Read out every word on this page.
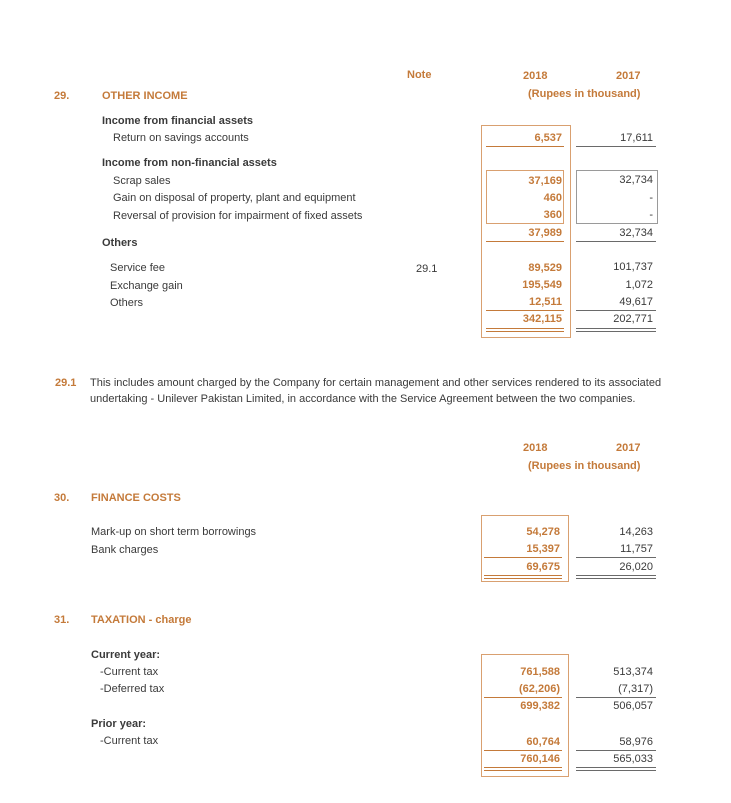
Note	2018	2017
(Rupees in thousand)
29.	OTHER INCOME
Income from financial assets
Return on savings accounts	6,537	17,611
Income from non-financial assets
Scrap sales	37,169	32,734
Gain on disposal of property, plant and equipment	460	-
Reversal of provision for impairment of fixed assets	360	-
37,989	32,734
Others
Service fee	29.1	89,529	101,737
Exchange gain	195,549	1,072
Others	12,511	49,617
342,115	202,771
29.1 This includes amount charged by the Company for certain management and other services rendered to its associated
undertaking - Unilever Pakistan Limited, in accordance with the Service Agreement between the two companies.
2018	2017
(Rupees in thousand)
30. FINANCE COSTS
Mark-up on short term borrowings	54,278	14,263
Bank charges	15,397	11,757
69,675	26,020
31. TAXATION - charge
Current year:
-Current tax	761,588	513,374
-Deferred tax	(62,206)	(7,317)
699,382	506,057
Prior year:
-Current tax	60,764	58,976
760,146	565,033
